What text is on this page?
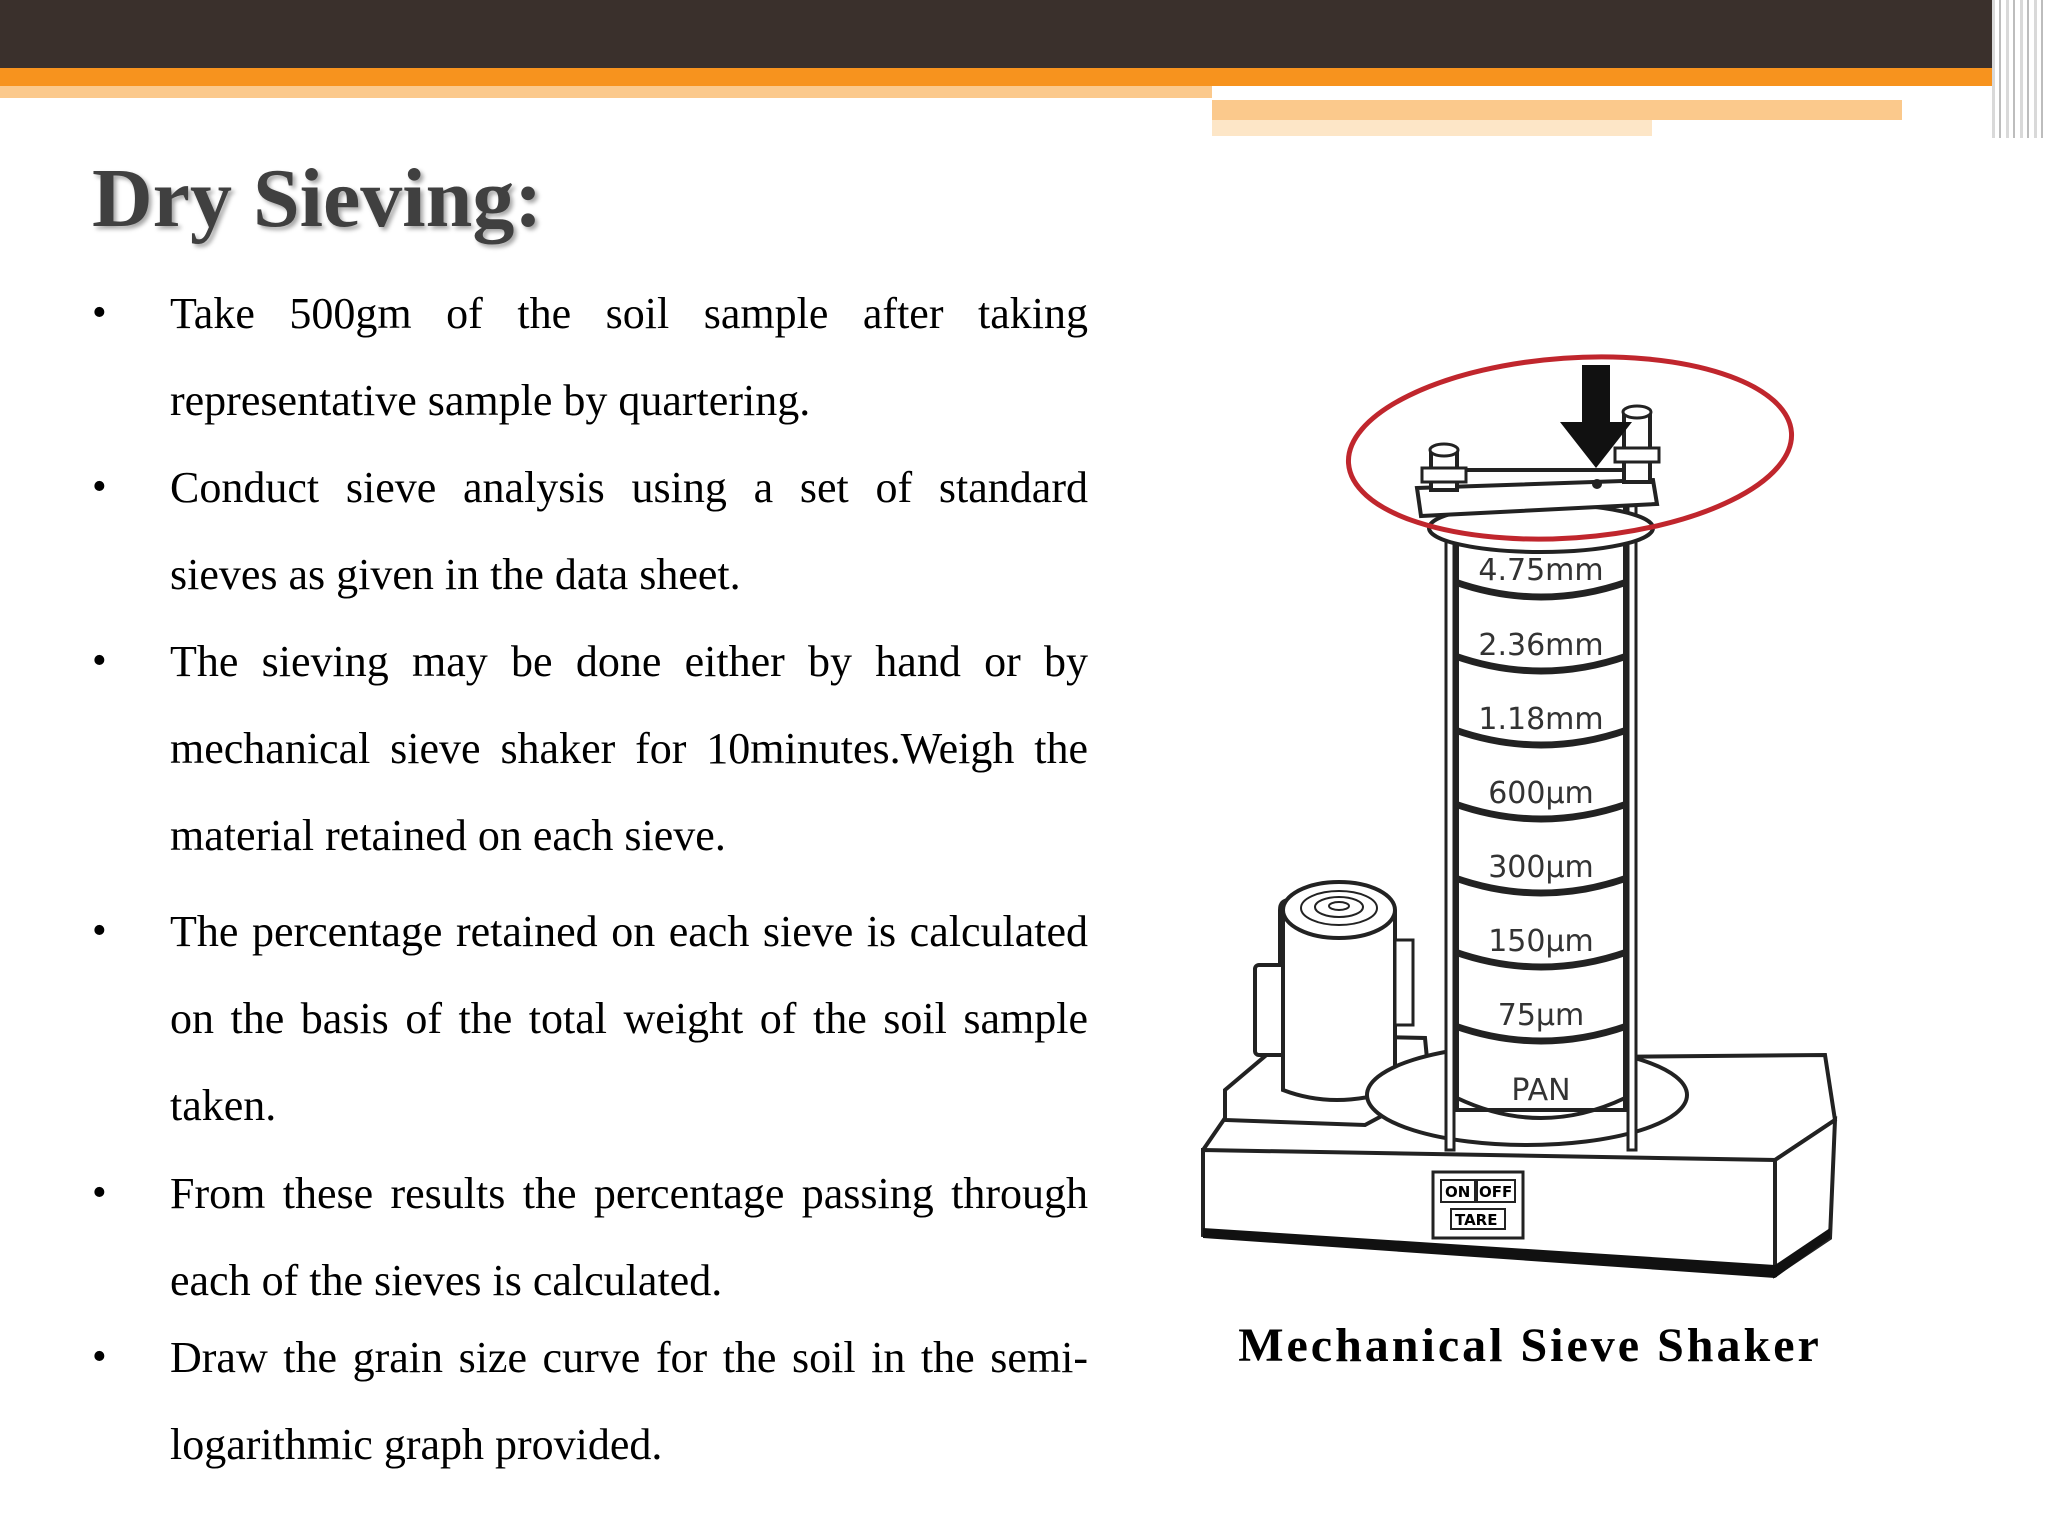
Dry Sieving:
• Take 500gm of the soil sample after taking representative sample by quartering.
• Conduct sieve analysis using a set of standard sieves as given in the data sheet.
• The sieving may be done either by hand or by mechanical sieve shaker for 10minutes.Weigh the material retained on each sieve.
• The percentage retained on each sieve is calculated on the basis of the total weight of the soil sample taken.
• From these results the percentage passing through each of the sieves is calculated.
• Draw the grain size curve for the soil in the semi- logarithmic graph provided.
ON OFF
TARE
4.75mm
2.36mm
1.18mm
600μm
300μm
150μm
75μm
PAN
Mechanical Sieve Shaker
